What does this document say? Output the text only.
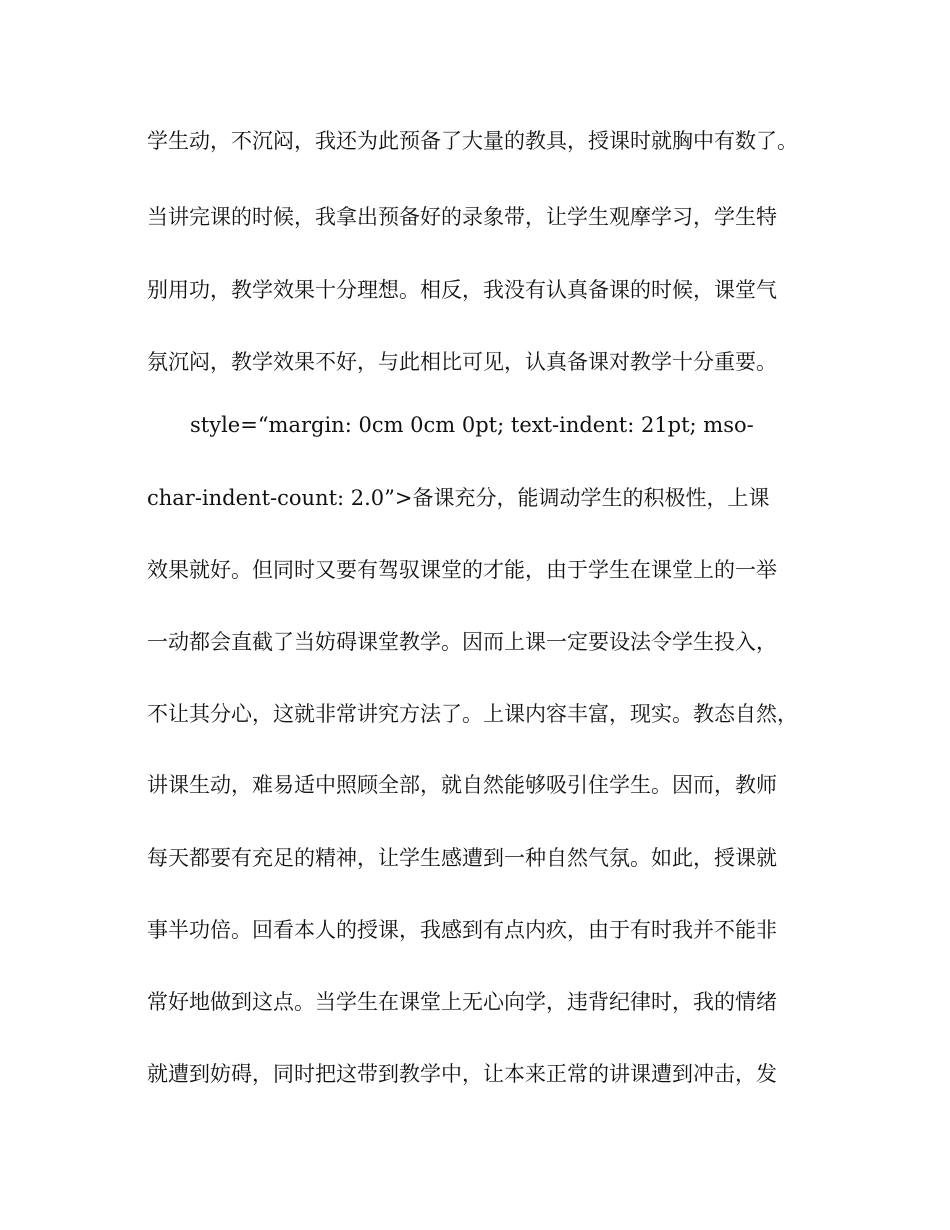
学生动，不沉闷，我还为此预备了大量的教具，授课时就胸中有数了。
当讲完课的时候，我拿出预备好的录象带，让学生观摩学习，学生特
别用功，教学效果十分理想。相反，我没有认真备课的时候，课堂气
氛沉闷，教学效果不好，与此相比可见，认真备课对教学十分重要。
style=“margin: 0cm 0cm 0pt; text-indent: 21pt; mso-
char-indent-count: 2.0”>备课充分，能调动学生的积极性，上课
效果就好。但同时又要有驾驭课堂的才能，由于学生在课堂上的一举
一动都会直截了当妨碍课堂教学。因而上课一定要设法令学生投入，
不让其分心，这就非常讲究方法了。上课内容丰富，现实。教态自然，
讲课生动，难易适中照顾全部，就自然能够吸引住学生。因而，教师
每天都要有充足的精神，让学生感遭到一种自然气氛。如此，授课就
事半功倍。回看本人的授课，我感到有点内疚，由于有时我并不能非
常好地做到这点。当学生在课堂上无心向学，违背纪律时，我的情绪
就遭到妨碍，同时把这带到教学中，让本来正常的讲课遭到冲击，发
